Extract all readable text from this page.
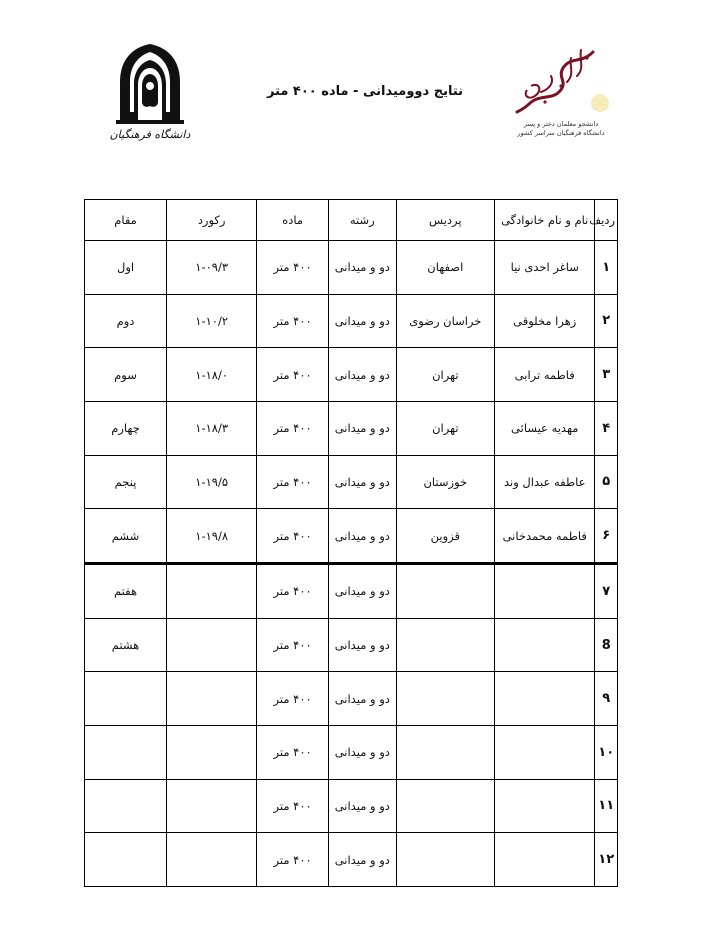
دانشگاه فرهنگیان
نتایج دوومیدانی - ماده ۴۰۰ متر
دانشجو معلمان دختر و پسر
دانشگاه فرهنگیان سراسر کشور
ردیف	نام و نام خانوادگی	پردیس	رشته	ماده	رکورد	مقام
۱	ساغر احدی نیا	اصفهان	دو و میدانی	۴۰۰ متر	۱-۰۹/۳	اول
۲	زهرا مخلوقی	خراسان رضوی	دو و میدانی	۴۰۰ متر	۱-۱۰/۲	دوم
۳	فاطمه ترابی	تهران	دو و میدانی	۴۰۰ متر	۱-۱۸/۰	سوم
۴	مهدیه عیسائی	تهران	دو و میدانی	۴۰۰ متر	۱-۱۸/۳	چهارم
۵	عاطفه عبدال وند	خوزستان	دو و میدانی	۴۰۰ متر	۱-۱۹/۵	پنجم
۶	فاطمه محمدخانی	قزوین	دو و میدانی	۴۰۰ متر	۱-۱۹/۸	ششم
۷			دو و میدانی	۴۰۰ متر		هفتم
8			دو و میدانی	۴۰۰ متر		هشتم
۹			دو و میدانی	۴۰۰ متر		
۱۰			دو و میدانی	۴۰۰ متر		
۱۱			دو و میدانی	۴۰۰ متر		
۱۲			دو و میدانی	۴۰۰ متر		
